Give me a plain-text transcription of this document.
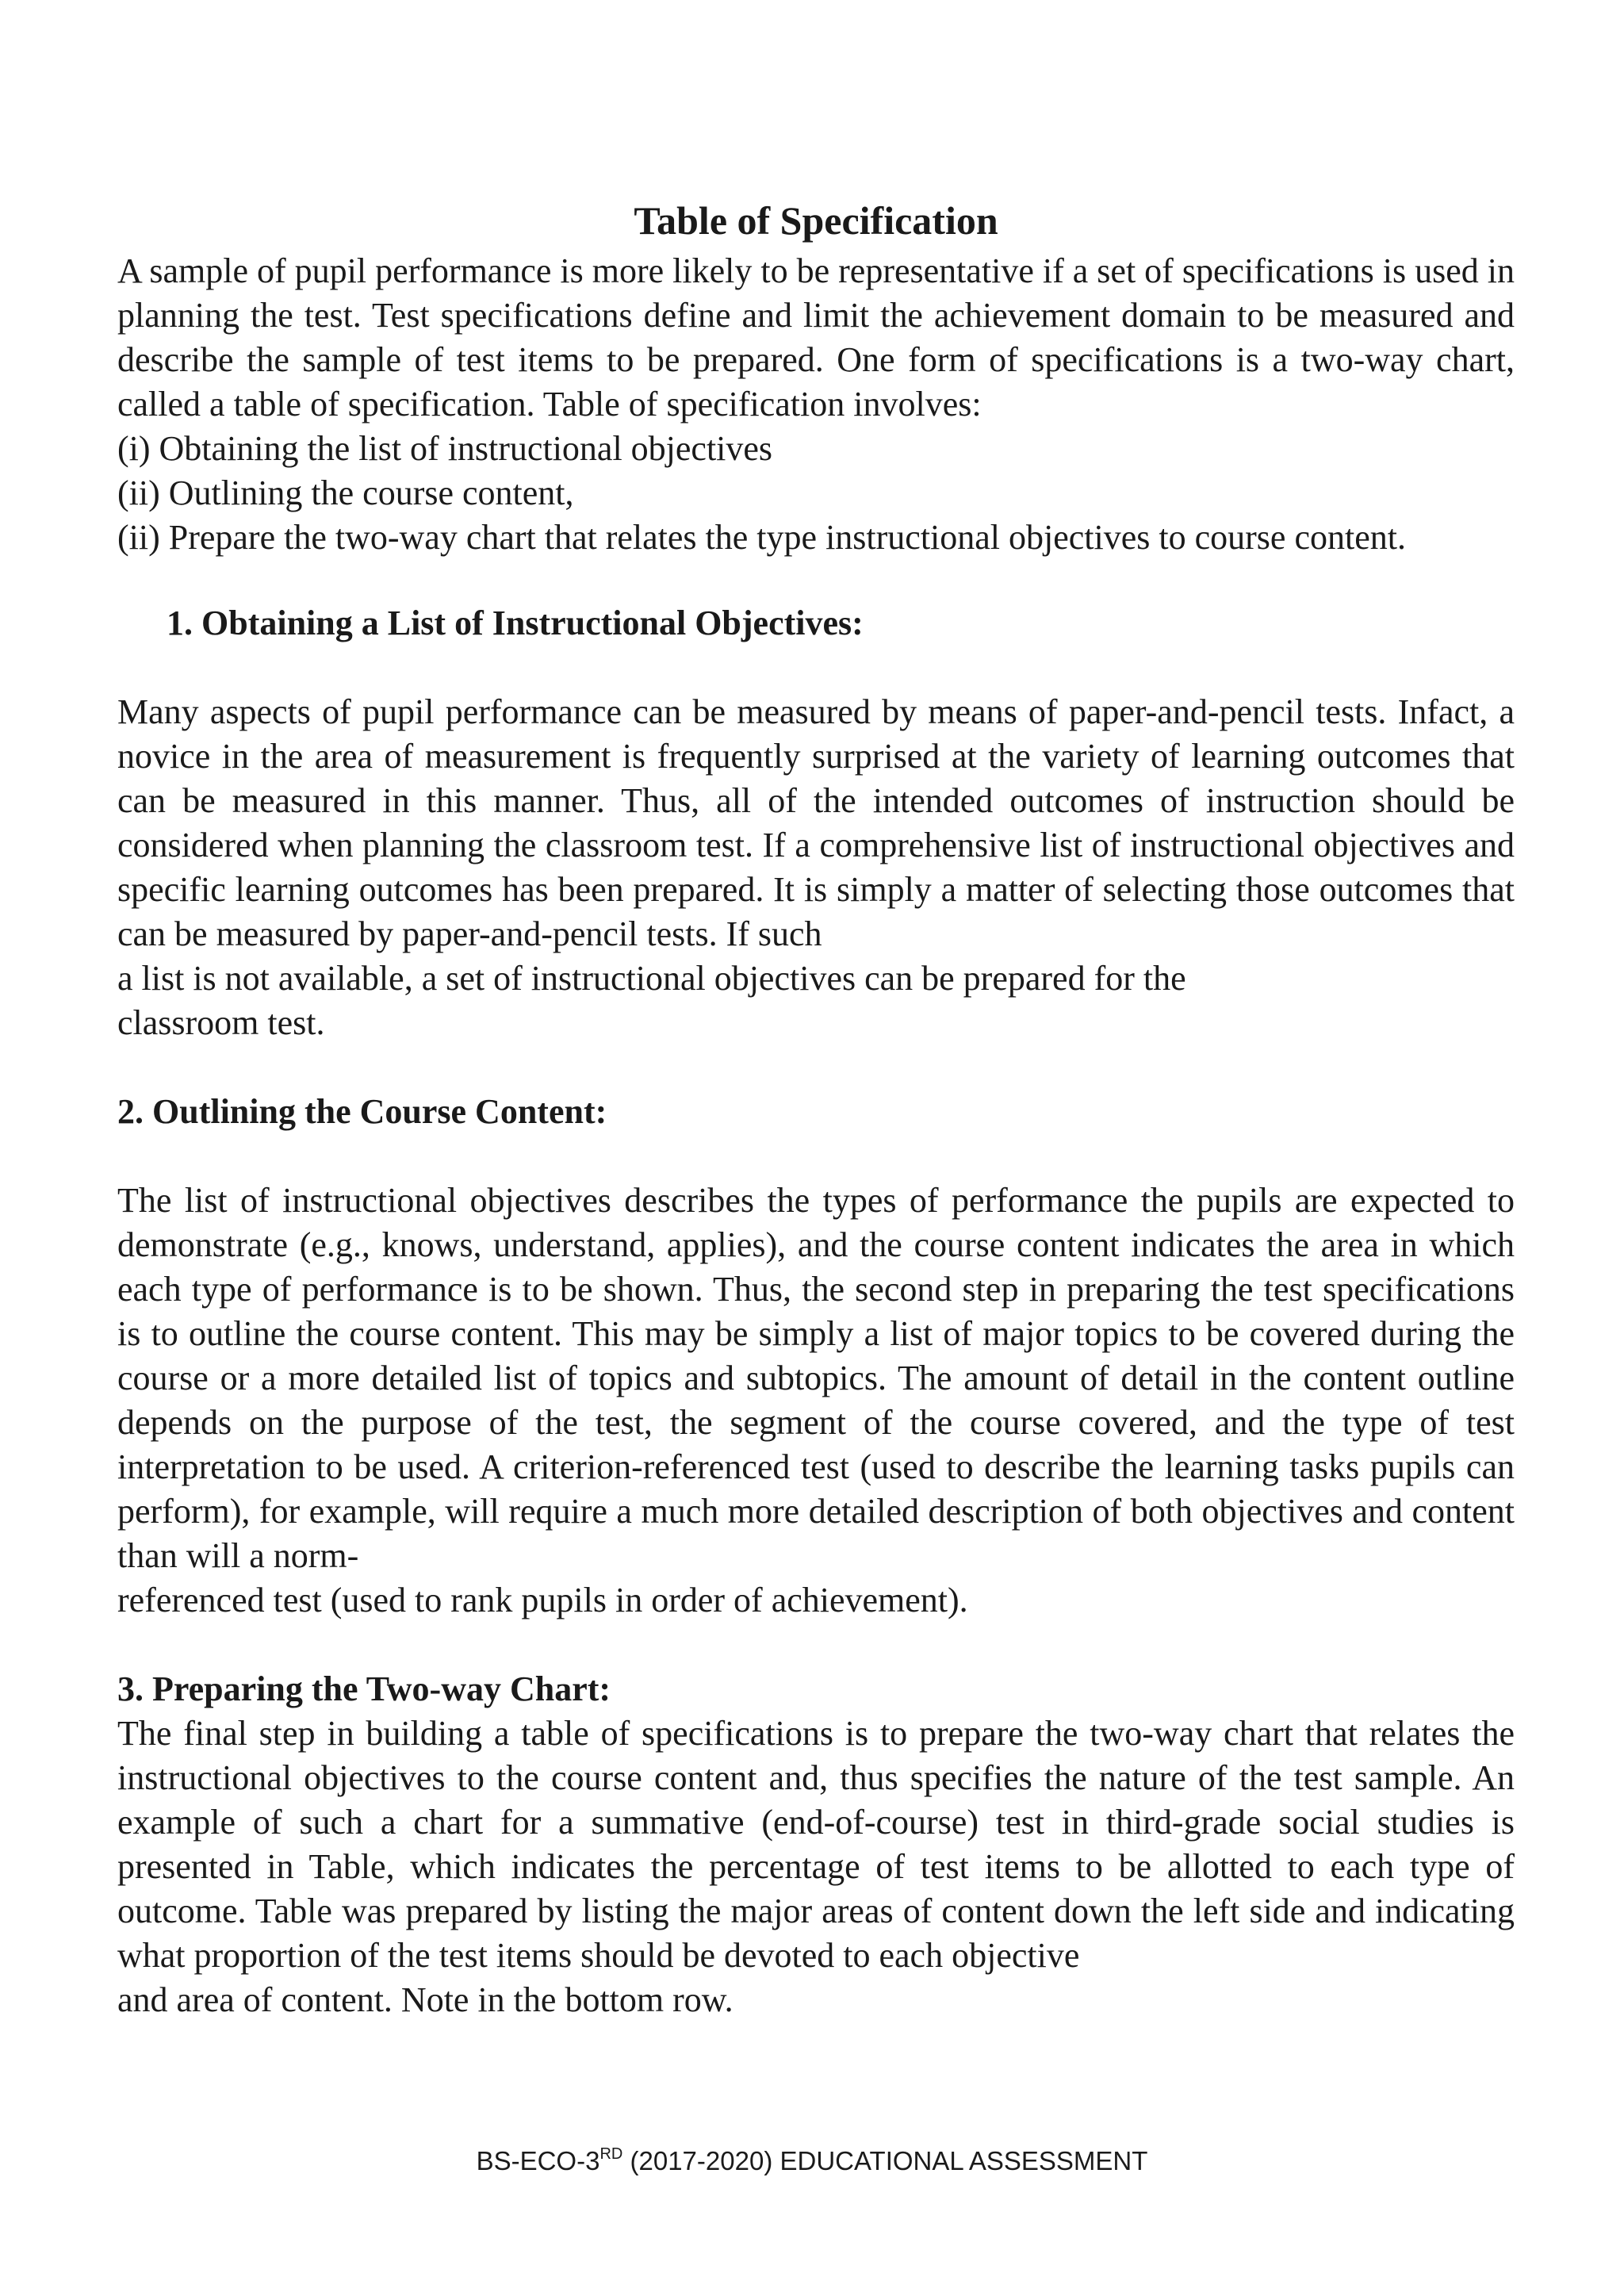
Table of Specification

A sample of pupil performance is more likely to be representative if a set of specifications is used in planning the test. Test specifications define and limit the achievement domain to be measured and describe the sample of test items to be prepared. One form of specifications is a two-way chart, called a table of specification. Table of specification involves:

(i) Obtaining the list of instructional objectives

(ii) Outlining the course content,

(ii) Prepare the two-way chart that relates the type instructional objectives to course content.

1. Obtaining a List of Instructional Objectives:

Many aspects of pupil performance can be measured by means of paper-and-pencil tests. Infact, a novice in the area of measurement is frequently surprised at the variety of learning outcomes that can be measured in this manner. Thus, all of the intended outcomes of instruction should be considered when planning the classroom test. If a comprehensive list of instructional objectives and specific learning outcomes has been prepared. It is simply a matter of selecting those outcomes that can be measured by paper-and-pencil tests. If such

a list is not available, a set of instructional objectives can be prepared for the

classroom test.

2. Outlining the Course Content:

The list of instructional objectives describes the types of performance the pupils are expected to demonstrate (e.g., knows, understand, applies), and the course content indicates the area in which each type of performance is to be shown. Thus, the second step in preparing the test specifications is to outline the course content. This may be simply a list of major topics to be covered during the course or a more detailed list of topics and subtopics. The amount of detail in the content outline depends on the purpose of the test, the segment of the course covered, and the type of test interpretation to be used. A criterion-referenced test (used to describe the learning tasks pupils can perform), for example, will require a much more detailed description of both objectives and content than will a norm-

referenced test (used to rank pupils in order of achievement).

3. Preparing the Two-way Chart:

The final step in building a table of specifications is to prepare the two-way chart that relates the instructional objectives to the course content and, thus specifies the nature of the test sample. An example of such a chart for a summative (end-of-course) test in third-grade social studies is presented in Table, which indicates the percentage of test items to be allotted to each type of outcome. Table was prepared by listing the major areas of content down the left side and indicating what proportion of the test items should be devoted to each objective

and area of content. Note in the bottom row.

BS-ECO-3RD (2017-2020) EDUCATIONAL ASSESSMENT
